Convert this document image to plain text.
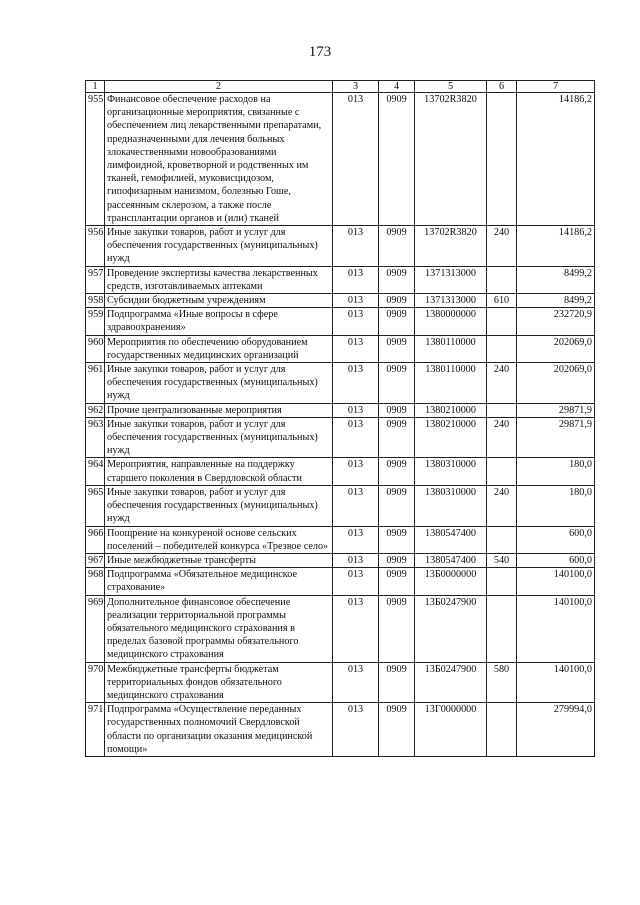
173
1	2	3	4	5	6	7
955	Финансовое обеспечение расходов на организационные мероприятия, связанные с обеспечением лиц лекарственными препаратами, предназначенными для лечения больных злокачественными новообразованиями лимфоидной, кроветворной и родственных им тканей, гемофилией, муковисцидозом, гипофизарным нанизмом, болезнью Гоше, рассеянным склерозом, а также после трансплантации органов и (или) тканей	013	0909	13702R3820		14186,2
956	Иные закупки товаров, работ и услуг для обеспечения государственных (муниципальных) нужд	013	0909	13702R3820	240	14186,2
957	Проведение экспертизы качества лекарственных средств, изготавливаемых аптеками	013	0909	1371313000		8499,2
958	Субсидии бюджетным учреждениям	013	0909	1371313000	610	8499,2
959	Подпрограмма «Иные вопросы в сфере здравоохранения»	013	0909	1380000000		232720,9
960	Мероприятия по обеспечению оборудованием государственных медицинских организаций	013	0909	1380110000		202069,0
961	Иные закупки товаров, работ и услуг для обеспечения государственных (муниципальных) нужд	013	0909	1380110000	240	202069,0
962	Прочие централизованные мероприятия	013	0909	1380210000		29871,9
963	Иные закупки товаров, работ и услуг для обеспечения государственных (муниципальных) нужд	013	0909	1380210000	240	29871,9
964	Мероприятия, направленные на поддержку старшего поколения в Свердловской области	013	0909	1380310000		180,0
965	Иные закупки товаров, работ и услуг для обеспечения государственных (муниципальных) нужд	013	0909	1380310000	240	180,0
966	Поощрение на конкуреной основе сельских поселений – победителей конкурса «Трезвое село»	013	0909	1380547400		600,0
967	Иные межбюджетные трансферты	013	0909	1380547400	540	600,0
968	Подпрограмма «Обязательное медицинское страхование»	013	0909	13Б0000000		140100,0
969	Дополнительное финансовое обеспечение реализации территориальной программы обязательного медицинского страхования в пределах базовой программы обязательного медицинского страхования	013	0909	13Б0247900		140100,0
970	Межбюджетные трансферты бюджетам территориальных фондов обязательного медицинского страхования	013	0909	13Б0247900	580	140100,0
971	Подпрограмма «Осуществление переданных государственных полномочий Свердловской области по организации оказания медицинской помощи»	013	0909	13Г0000000		279994,0
